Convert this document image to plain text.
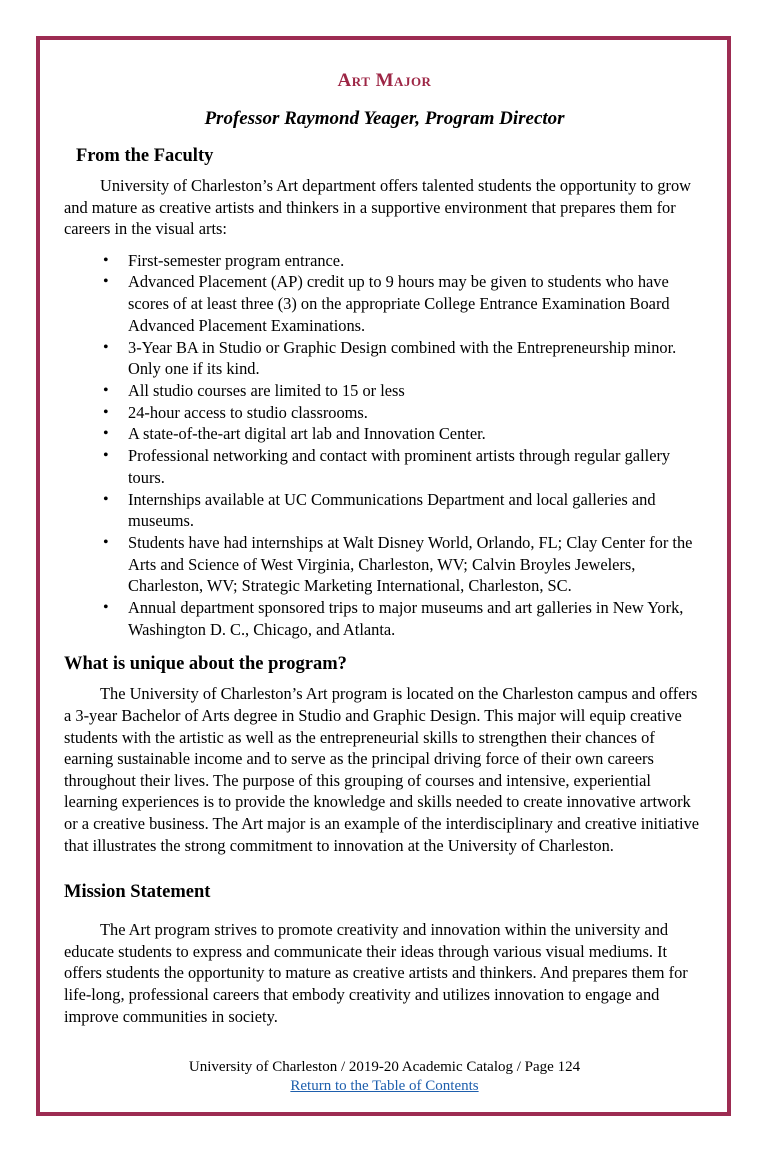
Art Major
Professor Raymond Yeager, Program Director
From the Faculty

University of Charleston’s Art department offers talented students the opportunity to grow and mature as creative artists and thinkers in a supportive environment that prepares them for careers in the visual arts:

• First-semester program entrance.
• Advanced Placement (AP) credit up to 9 hours may be given to students who have scores of at least three (3) on the appropriate College Entrance Examination Board Advanced Placement Examinations.
• 3-Year BA in Studio or Graphic Design combined with the Entrepreneurship minor. Only one if its kind.
• All studio courses are limited to 15 or less
• 24-hour access to studio classrooms.
• A state-of-the-art digital art lab and Innovation Center.
• Professional networking and contact with prominent artists through regular gallery tours.
• Internships available at UC Communications Department and local galleries and museums.
• Students have had internships at Walt Disney World, Orlando, FL; Clay Center for the Arts and Science of West Virginia, Charleston, WV; Calvin Broyles Jewelers, Charleston, WV; Strategic Marketing International, Charleston, SC.
• Annual department sponsored trips to major museums and art galleries in New York, Washington D. C., Chicago, and Atlanta.
What is unique about the program?

The University of Charleston’s Art program is located on the Charleston campus and offers a 3-year Bachelor of Arts degree in Studio and Graphic Design. This major will equip creative students with the artistic as well as the entrepreneurial skills to strengthen their chances of earning sustainable income and to serve as the principal driving force of their own careers throughout their lives. The purpose of this grouping of courses and intensive, experiential learning experiences is to provide the knowledge and skills needed to create innovative artwork or a creative business. The Art major is an example of the interdisciplinary and creative initiative that illustrates the strong commitment to innovation at the University of Charleston.

Mission Statement

The Art program strives to promote creativity and innovation within the university and educate students to express and communicate their ideas through various visual mediums. It offers students the opportunity to mature as creative artists and thinkers. And prepares them for life-long, professional careers that embody creativity and utilizes innovation to engage and improve communities in society.

University of Charleston / 2019-20 Academic Catalog / Page 124
Return to the Table of Contents
